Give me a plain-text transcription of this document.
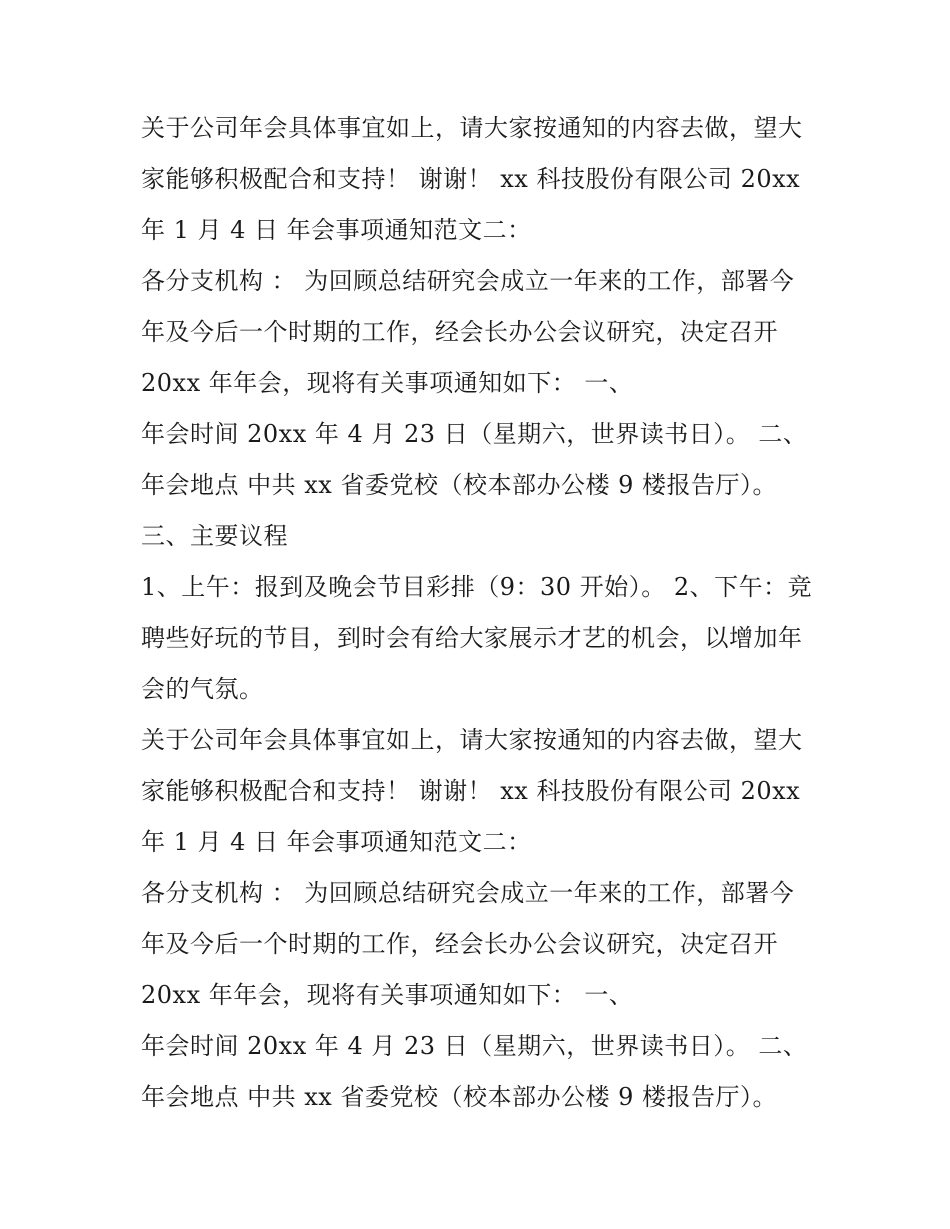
关于公司年会具体事宜如上，请大家按通知的内容去做，望大
家能够积极配合和支持！ 谢谢！ xx 科技股份有限公司 20xx
年 1 月 4 日 年会事项通知范文二：
各分支机构 ： 为回顾总结研究会成立一年来的工作，部署今
年及今后一个时期的工作，经会长办公会议研究，决定召开
20xx 年年会，现将有关事项通知如下： 一、
年会时间 20xx 年 4 月 23 日（星期六，世界读书日）。 二、
年会地点 中共 xx 省委党校（校本部办公楼 9 楼报告厅）。
三、主要议程
1、上午：报到及晚会节目彩排（9：30 开始）。 2、下午：竞
聘些好玩的节目，到时会有给大家展示才艺的机会，以增加年
会的气氛。
关于公司年会具体事宜如上，请大家按通知的内容去做，望大
家能够积极配合和支持！ 谢谢！ xx 科技股份有限公司 20xx
年 1 月 4 日 年会事项通知范文二：
各分支机构 ： 为回顾总结研究会成立一年来的工作，部署今
年及今后一个时期的工作，经会长办公会议研究，决定召开
20xx 年年会，现将有关事项通知如下： 一、
年会时间 20xx 年 4 月 23 日（星期六，世界读书日）。 二、
年会地点 中共 xx 省委党校（校本部办公楼 9 楼报告厅）。
